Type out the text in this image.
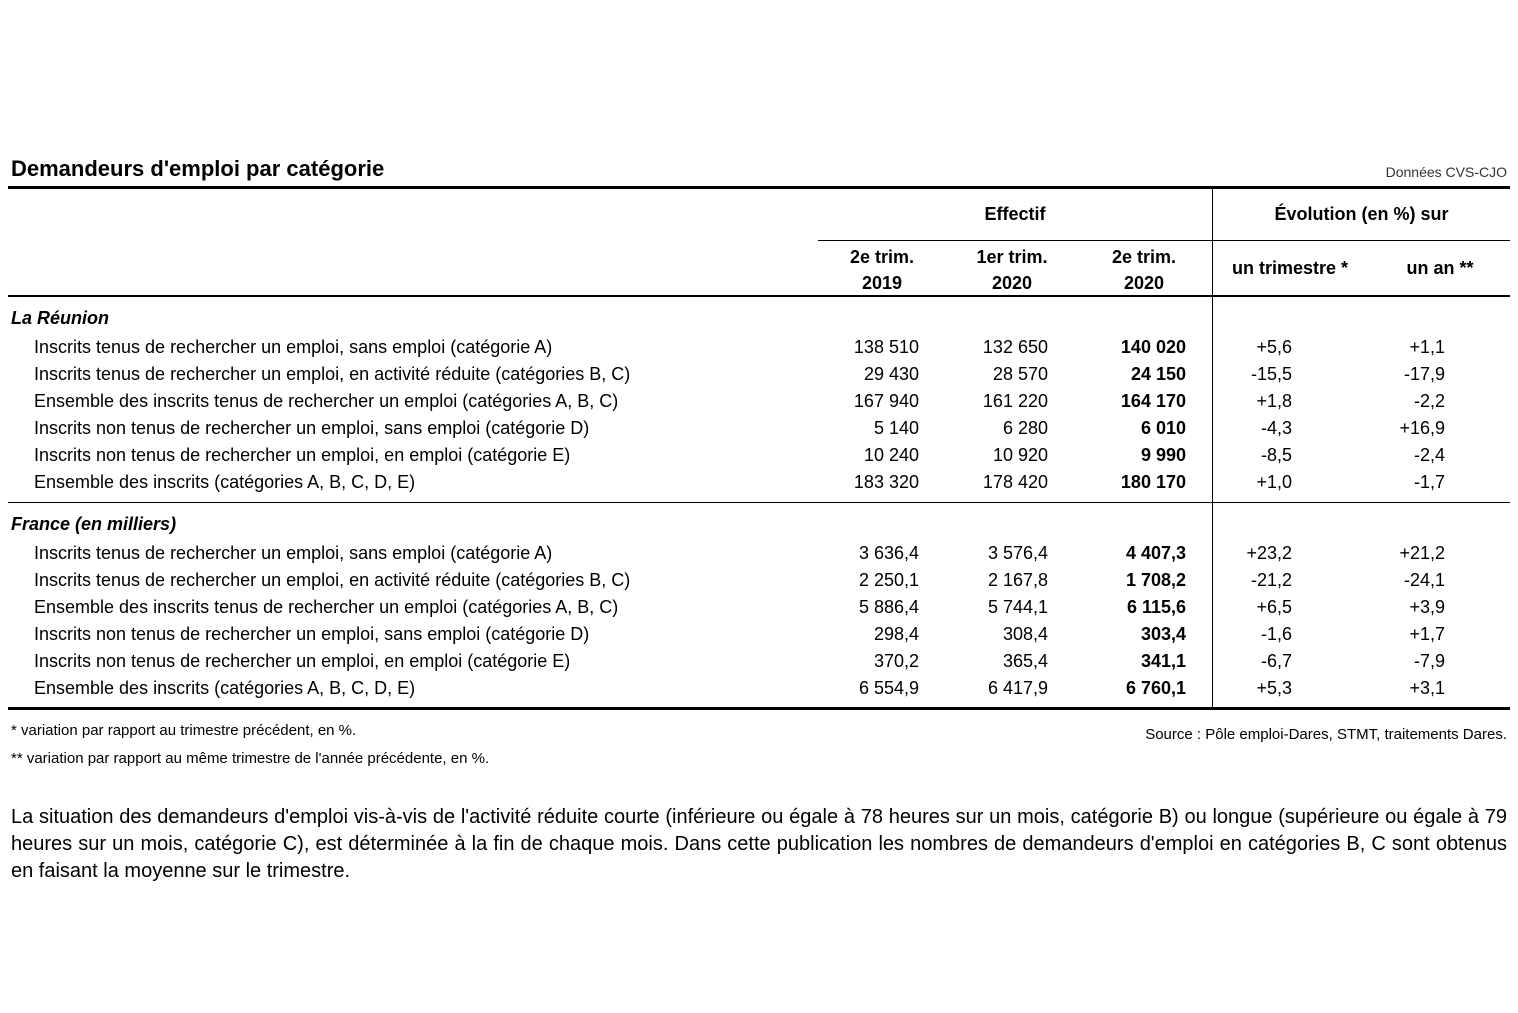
Demandeurs d'emploi par catégorie	Données CVS-CJO
Effectif	Évolution (en %) sur
2e trim.
2019
1er trim.
2020
2e trim.
2020
un trimestre *	un an **
La Réunion
Inscrits tenus de rechercher un emploi, sans emploi (catégorie A)	138 510	132 650	140 020	+5,6	+1,1
Inscrits tenus de rechercher un emploi, en activité réduite (catégories B, C)	29 430	28 570	24 150	-15,5	-17,9
Ensemble des inscrits tenus de rechercher un emploi (catégories A, B, C)	167 940	161 220	164 170	+1,8	-2,2
Inscrits non tenus de rechercher un emploi, sans emploi (catégorie D)	5 140	6 280	6 010	-4,3	+16,9
Inscrits non tenus de rechercher un emploi, en emploi (catégorie E)	10 240	10 920	9 990	-8,5	-2,4
Ensemble des inscrits (catégories A, B, C, D, E)	183 320	178 420	180 170	+1,0	-1,7
France (en milliers)
Inscrits tenus de rechercher un emploi, sans emploi (catégorie A)	3 636,4	3 576,4	4 407,3	+23,2	+21,2
Inscrits tenus de rechercher un emploi, en activité réduite (catégories B, C)	2 250,1	2 167,8	1 708,2	-21,2	-24,1
Ensemble des inscrits tenus de rechercher un emploi (catégories A, B, C)	5 886,4	5 744,1	6 115,6	+6,5	+3,9
Inscrits non tenus de rechercher un emploi, sans emploi (catégorie D)	298,4	308,4	303,4	-1,6	+1,7
Inscrits non tenus de rechercher un emploi, en emploi (catégorie E)	370,2	365,4	341,1	-6,7	-7,9
Ensemble des inscrits (catégories A, B, C, D, E)	6 554,9	6 417,9	6 760,1	+5,3	+3,1
* variation par rapport au trimestre précédent, en %.
** variation par rapport au même trimestre de l'année précédente, en %.
Source : Pôle emploi-Dares, STMT, traitements Dares.
La situation des demandeurs d'emploi vis-à-vis de l'activité réduite courte (inférieure ou égale à 78 heures sur un mois, catégorie B) ou longue (supérieure ou égale à 79 heures sur un mois, catégorie C), est déterminée à la fin de chaque mois. Dans cette publication les nombres de demandeurs d'emploi en catégories B, C sont obtenus en faisant la moyenne sur le trimestre.
